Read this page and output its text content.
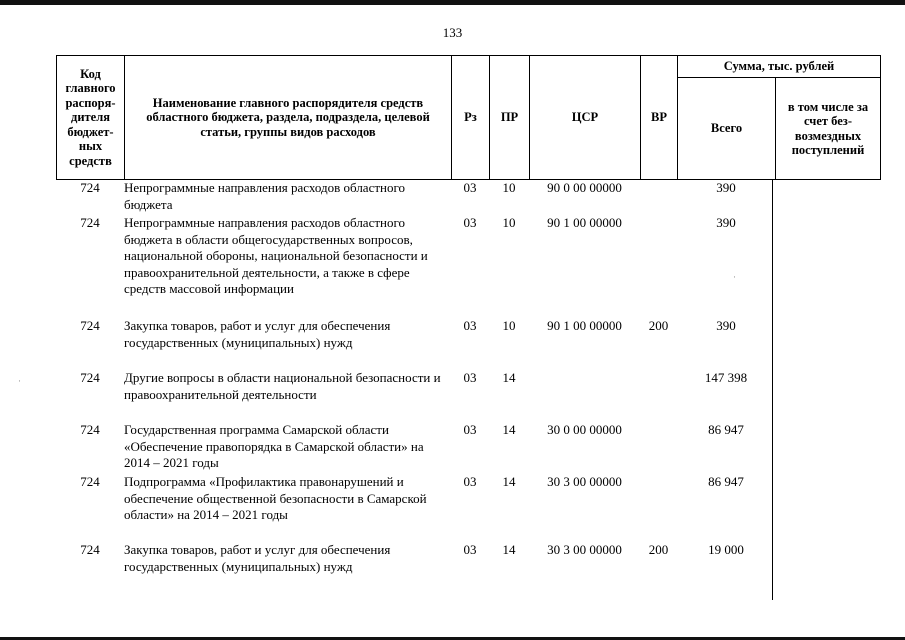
133
Код главного распоря-дителя бюджет-ных средств	Наименование главного распорядителя средств областного бюджета, раздела, подраздела, целевой статьи, группы видов расходов	Рз	ПР	ЦСР	ВР	Сумма, тыс. рублей	
						Всего	в том числе за счет без-возмездных поступлений
724	Непрограммные направления расходов областного бюджета	03	10	90 0 00 00000		390	
724	Непрограммные направления расходов областного бюджета в области общегосударственных вопросов, национальной обороны, национальной безопасности и правоохранительной деятельности, а также в сфере средств массовой информации	03	10	90 1 00 00000		390	
724	Закупка товаров, работ и услуг для обеспечения государственных (муниципальных) нужд	03	10	90 1 00 00000	200	390	
724	Другие вопросы в области национальной безопасности и правоохранительной деятельности	03	14			147 398	
724	Государственная программа Самарской области «Обеспечение правопорядка в Самарской области» на 2014 – 2021 годы	03	14	30 0 00 00000		86 947	
724	Подпрограмма «Профилактика правонарушений и обеспечение общественной безопасности в Самарской области» на 2014 – 2021 годы	03	14	30 3 00 00000		86 947	
724	Закупка товаров, работ и услуг для обеспечения государственных (муниципальных) нужд	03	14	30 3 00 00000	200	19 000	
·
·
